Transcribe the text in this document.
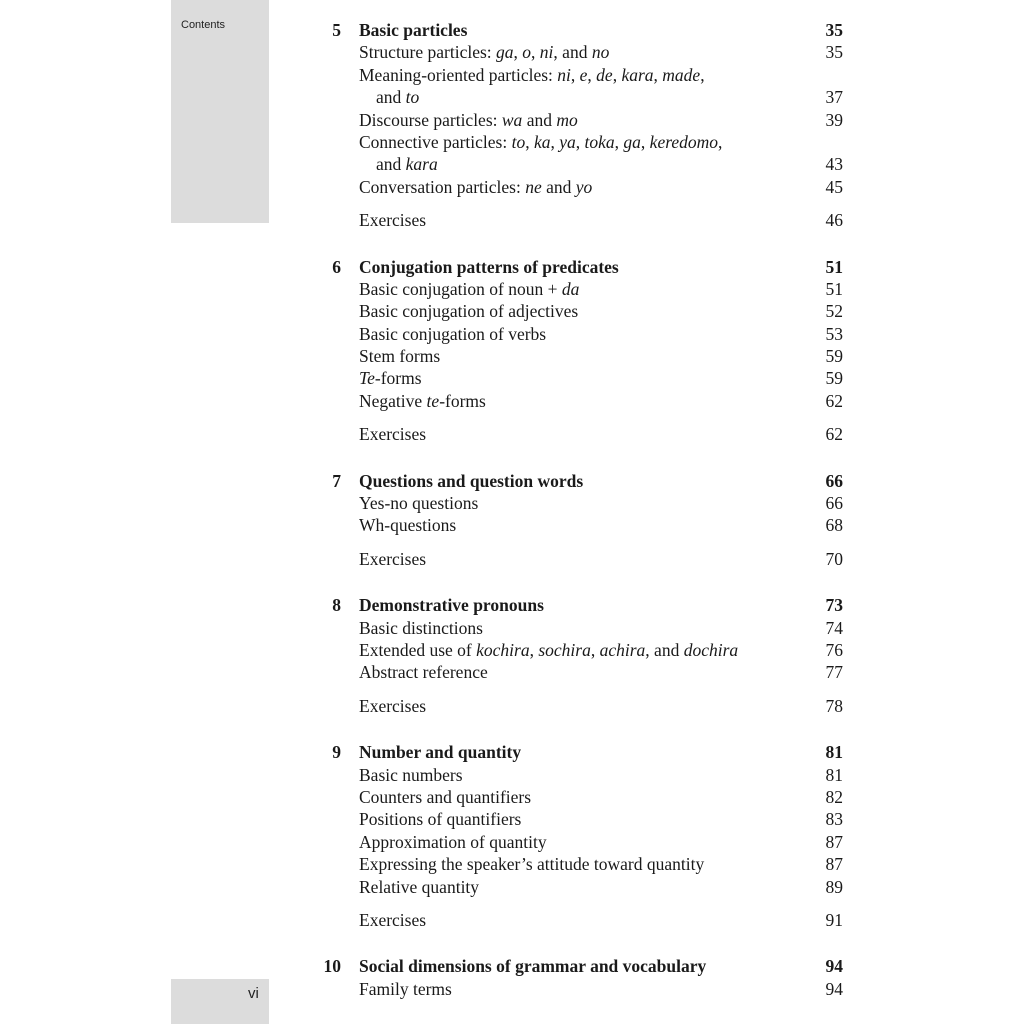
Contents
vi
5 Basic particles	35
Structure particles: ga, o, ni, and no	35
Meaning-oriented particles: ni, e, de, kara, made,
and to	37
Discourse particles: wa and mo	39
Connective particles: to, ka, ya, toka, ga, keredomo,
and kara	43
Conversation particles: ne and yo	45
Exercises	46
6 Conjugation patterns of predicates	51
Basic conjugation of noun + da	51
Basic conjugation of adjectives	52
Basic conjugation of verbs	53
Stem forms	59
Te-forms	59
Negative te-forms	62
Exercises	62
7 Questions and question words	66
Yes-no questions	66
Wh-questions	68
Exercises	70
8 Demonstrative pronouns	73
Basic distinctions	74
Extended use of kochira, sochira, achira, and dochira	76
Abstract reference	77
Exercises	78
9 Number and quantity	81
Basic numbers	81
Counters and quantifiers	82
Positions of quantifiers	83
Approximation of quantity	87
Expressing the speaker’s attitude toward quantity	87
Relative quantity	89
Exercises	91
10 Social dimensions of grammar and vocabulary	94
Family terms	94
